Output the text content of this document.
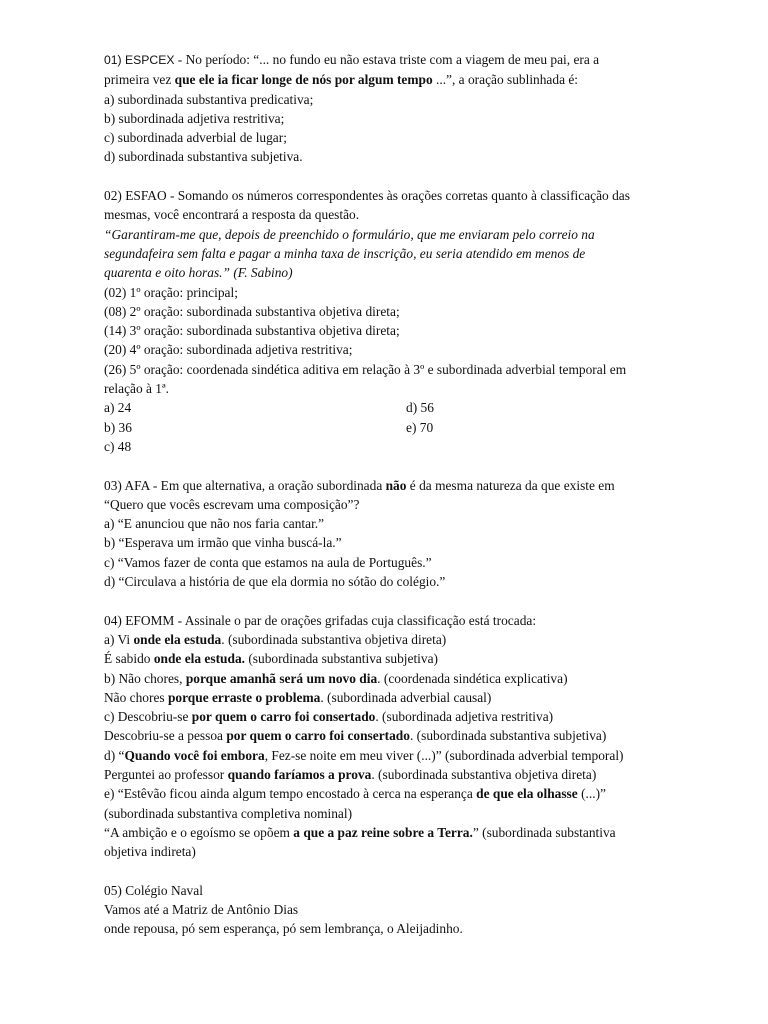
01) ESPCEX - No período: “... no fundo eu não estava triste com a viagem de meu pai, era a
primeira vez que ele ia ficar longe de nós por algum tempo ...”, a oração sublinhada é:
a) subordinada substantiva predicativa;
b) subordinada adjetiva restritiva;
c) subordinada adverbial de lugar;
d) subordinada substantiva subjetiva.
02) ESFAO - Somando os números correspondentes às orações corretas quanto à classificação das
mesmas, você encontrará a resposta da questão.
“Garantiram-me que, depois de preenchido o formulário, que me enviaram pelo correio na
segundafeira sem falta e pagar a minha taxa de inscrição, eu seria atendido em menos de
quarenta e oito horas.” (F. Sabino)
(02) 1º oração: principal;
(08) 2º oração: subordinada substantiva objetiva direta;
(14) 3º oração: subordinada substantiva objetiva direta;
(20) 4º oração: subordinada adjetiva restritiva;
(26) 5º oração: coordenada sindética aditiva em relação à 3º e subordinada adverbial temporal em
relação à 1ª.
a) 24	d) 56
b) 36	e) 70
c) 48
03) AFA - Em que alternativa, a oração subordinada não é da mesma natureza da que existe em
“Quero que vocês escrevam uma composição”?
a) “E anunciou que não nos faria cantar.”
b) “Esperava um irmão que vinha buscá-la.”
c) “Vamos fazer de conta que estamos na aula de Português.”
d) “Circulava a história de que ela dormia no sótão do colégio.”
04) EFOMM - Assinale o par de orações grifadas cuja classificação está trocada:
a) Vi onde ela estuda. (subordinada substantiva objetiva direta)
É sabido onde ela estuda. (subordinada substantiva subjetiva)
b) Não chores, porque amanhã será um novo dia. (coordenada sindética explicativa)
Não chores porque erraste o problema. (subordinada adverbial causal)
c) Descobriu-se por quem o carro foi consertado. (subordinada adjetiva restritiva)
Descobriu-se a pessoa por quem o carro foi consertado. (subordinada substantiva subjetiva)
d) “Quando você foi embora, Fez-se noite em meu viver (...)” (subordinada adverbial temporal)
Perguntei ao professor quando faríamos a prova. (subordinada substantiva objetiva direta)
e) “Estêvão ficou ainda algum tempo encostado à cerca na esperança de que ela olhasse (...)”
(subordinada substantiva completiva nominal)
“A ambição e o egoísmo se opõem a que a paz reine sobre a Terra.” (subordinada substantiva
objetiva indireta)
05) Colégio Naval
Vamos até a Matriz de Antônio Dias
onde repousa, pó sem esperança, pó sem lembrança, o Aleijadinho.
